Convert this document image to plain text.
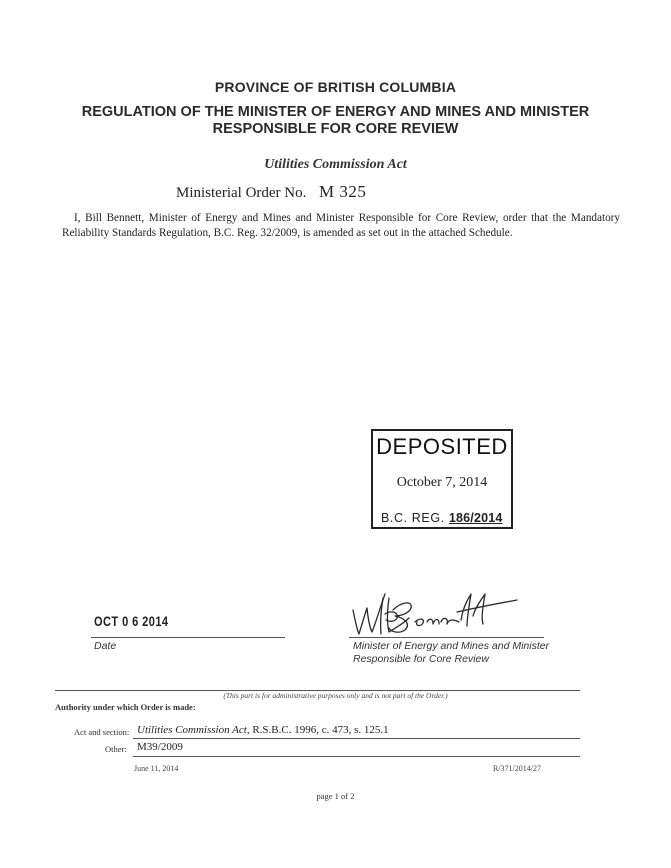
PROVINCE OF BRITISH COLUMBIA
REGULATION OF THE MINISTER OF ENERGY AND MINES AND MINISTER RESPONSIBLE FOR CORE REVIEW
Utilities Commission Act
Ministerial Order No. M 325
I, Bill Bennett, Minister of Energy and Mines and Minister Responsible for Core Review, order that the Mandatory Reliability Standards Regulation, B.C. Reg. 32/2009, is amended as set out in the attached Schedule.
DEPOSITED
October 7, 2014
B.C. REG. 186/2014
OCT 0 6 2014
Date	Minister of Energy and Mines and Minister Responsible for Core Review
(This part is for administrative purposes only and is not part of the Order.)
Authority under which Order is made:
Act and section: Utilities Commission Act, R.S.B.C. 1996, c. 473, s. 125.1
Other: M39/2009
June 11, 2014	R/371/2014/27
page 1 of 2
